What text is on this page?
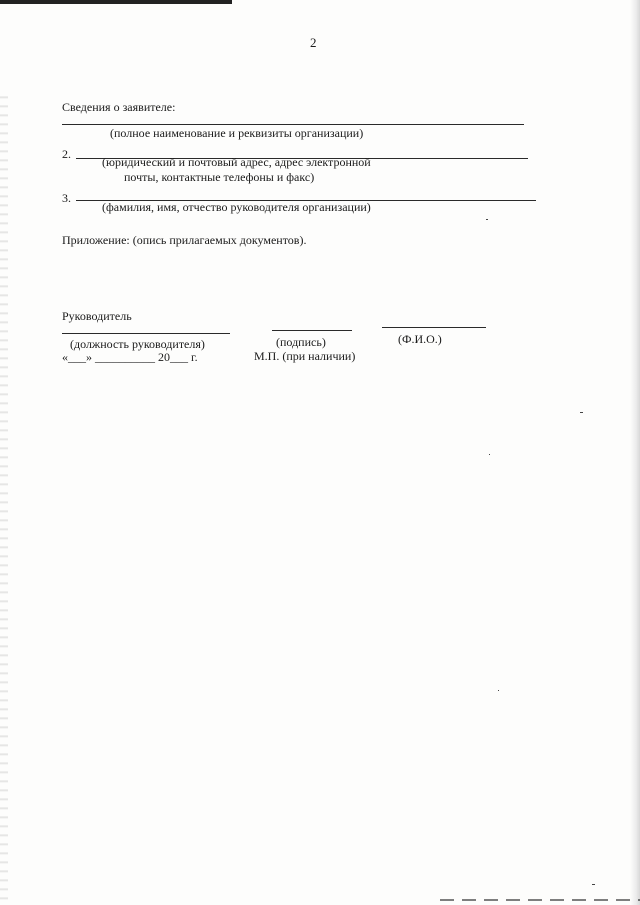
2
Сведения о заявителе:
(полное наименование и реквизиты организации)
2.
(юридический и почтовый адрес, адрес электронной
почты, контактные телефоны и факс)
3.
(фамилия, имя, отчество руководителя организации)
Приложение: (опись прилагаемых документов).
Руководитель
(должность руководителя)	(подпись)	(Ф.И.О.)
«___» __________ 20___ г.	М.П. (при наличии)
